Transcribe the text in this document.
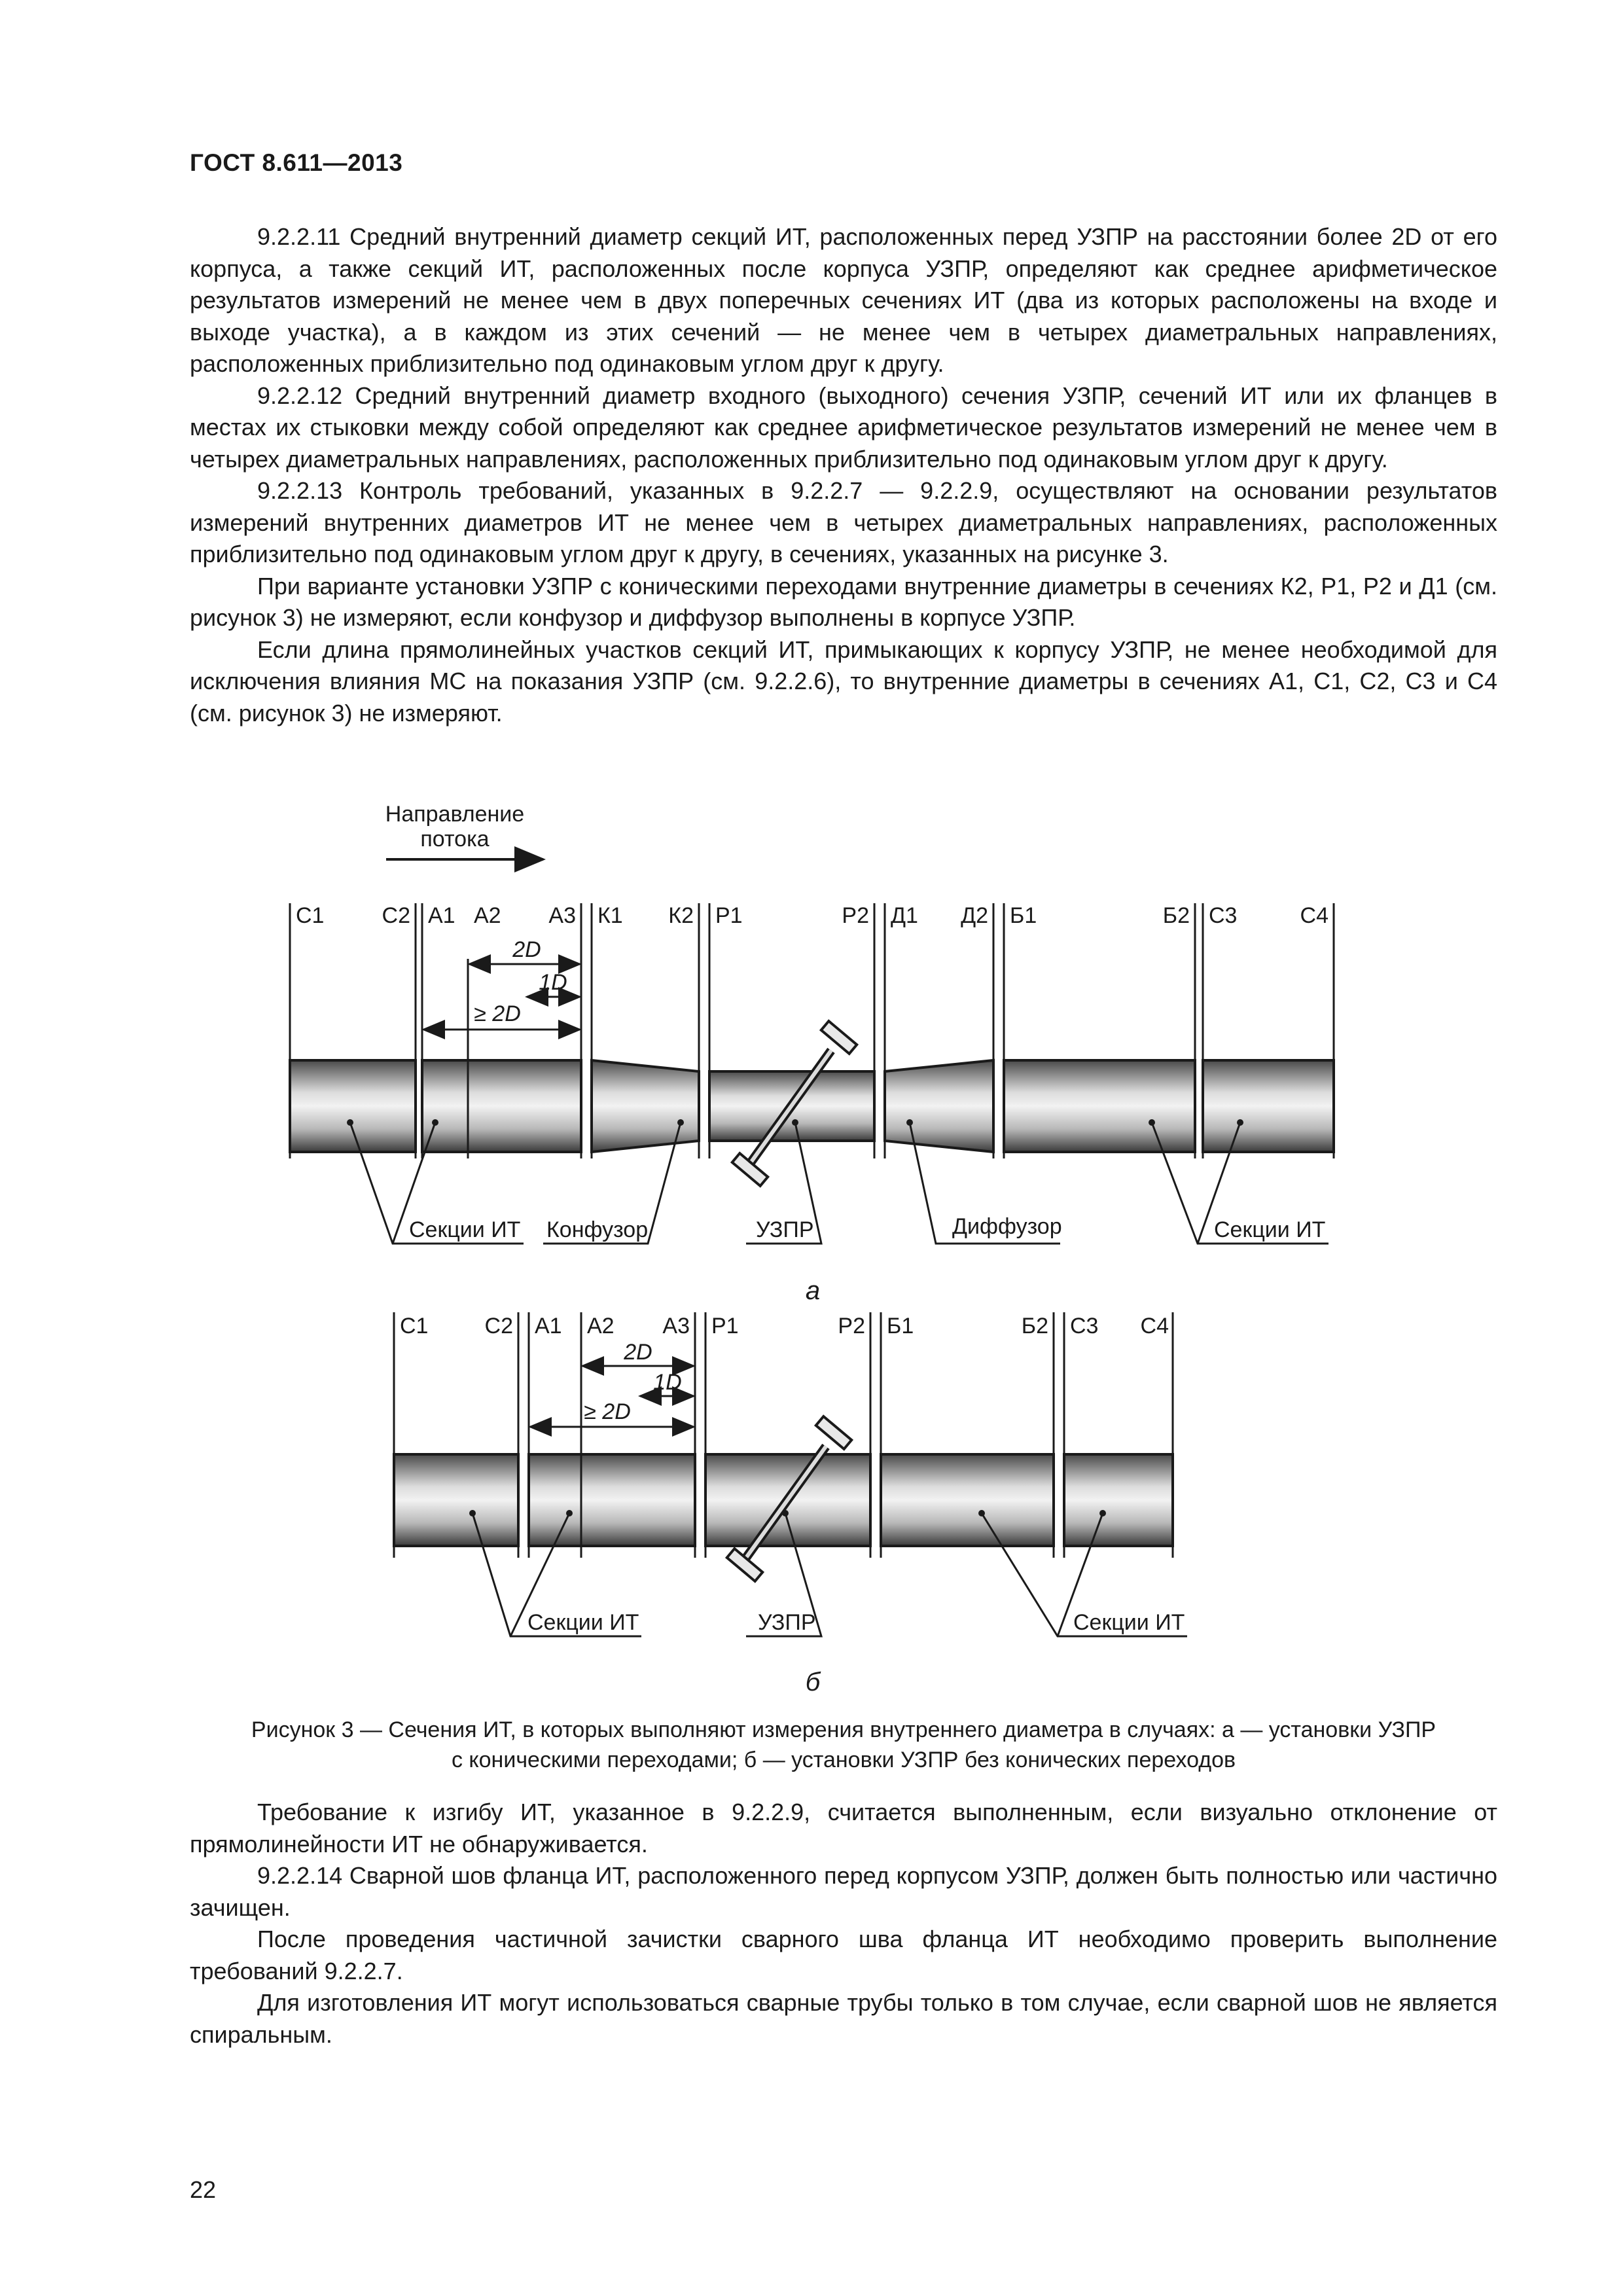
ГОСТ 8.611—2013

9.2.2.11 Средний внутренний диаметр секций ИТ, расположенных перед УЗПР на расстоянии более 2D от его корпуса, а также секций ИТ, расположенных после корпуса УЗПР, определяют как среднее арифметическое результатов измерений не менее чем в двух поперечных сечениях ИТ (два из которых расположены на входе и выходе участка), а в каждом из этих сечений — не менее чем в четырех диаметральных направлениях, расположенных приблизительно под одинаковым углом друг к другу.

9.2.2.12 Средний внутренний диаметр входного (выходного) сечения УЗПР, сечений ИТ или их фланцев в местах их стыковки между собой определяют как среднее арифметическое результатов измерений не менее чем в четырех диаметральных направлениях, расположенных приблизительно под одинаковым углом друг к другу.

9.2.2.13 Контроль требований, указанных в 9.2.2.7 — 9.2.2.9, осуществляют на основании результатов измерений внутренних диаметров ИТ не менее чем в четырех диаметральных направлениях, расположенных приблизительно под одинаковым углом друг к другу, в сечениях, указанных на рисунке 3.

При варианте установки УЗПР с коническими переходами внутренние диаметры в сечениях К2, Р1, Р2 и Д1 (см. рисунок 3) не измеряют, если конфузор и диффузор выполнены в корпусе УЗПР.

Если длина прямолинейных участков секций ИТ, примыкающих к корпусу УЗПР, не менее необходимой для исключения влияния МС на показания УЗПР (см. 9.2.2.6), то внутренние диаметры в сечениях А1, С1, С2, С3 и С4 (см. рисунок 3) не измеряют.

Направление
потока
С1	С2 А1 А2 А3 К1 К2 Р1	Р2 Д1 Д2 Б1	Б2 С3	С4
2D
1D
≥ 2D
Секции ИТ Конфузор	УЗПР	Диффузор	Секции ИТ
а
С1	С2 А1 А2 А3 Р1	Р2 Б1	Б2 С3 С4
2D
1D
≥ 2D
Секции ИТ	УЗПР	Секции ИТ
б
Рисунок 3 — Сечения ИТ, в которых выполняют измерения внутреннего диаметра в случаях: а — установки УЗПР
с коническими переходами; б — установки УЗПР без конических переходов

Требование к изгибу ИТ, указанное в 9.2.2.9, считается выполненным, если визуально отклонение от прямолинейности ИТ не обнаруживается.

9.2.2.14 Сварной шов фланца ИТ, расположенного перед корпусом УЗПР, должен быть полностью или частично зачищен.

После проведения частичной зачистки сварного шва фланца ИТ необходимо проверить выполнение требований 9.2.2.7.

Для изготовления ИТ могут использоваться сварные трубы только в том случае, если сварной шов не является спиральным.

22
